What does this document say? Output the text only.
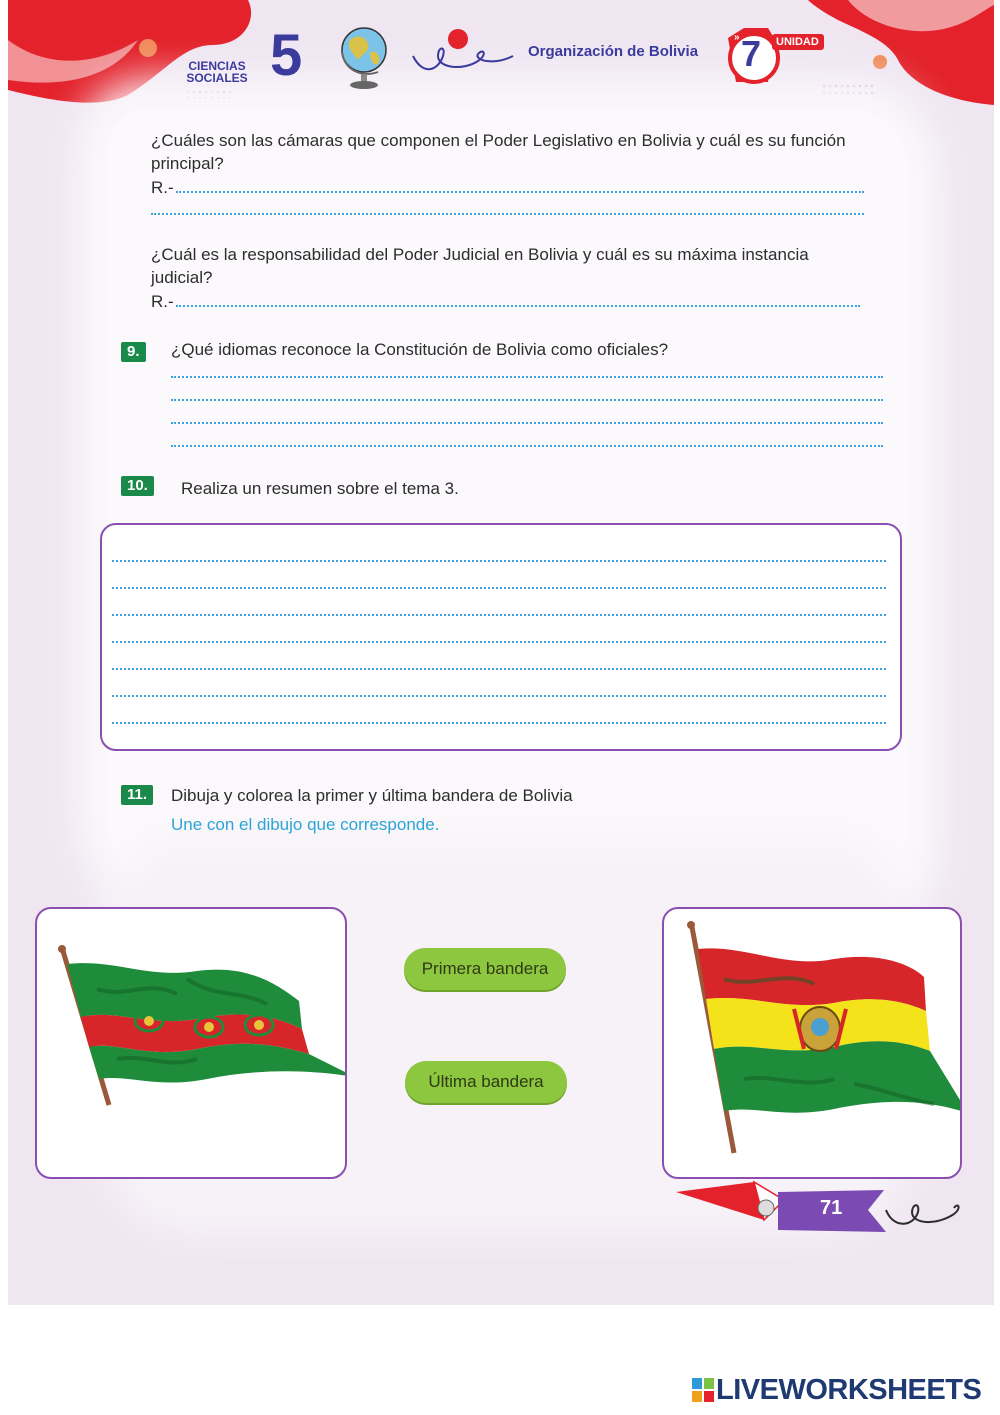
CIENCIAS
SOCIALES 5	Organización de Bolivia
»	UNIDAD
7
¿Cuáles son las cámaras que componen el Poder Legislativo en Bolivia y cuál es su función principal?
R.-
¿Cuál es la responsabilidad del Poder Judicial en Bolivia y cuál es su máxima instancia judicial?
R.-
9.	¿Qué idiomas reconoce la Constitución de Bolivia como oficiales?
10.	Realiza un resumen sobre el tema 3.
11.	Dibuja y colorea la primer y última bandera de Bolivia
Une con el dibujo que corresponde.
Primera bandera
Última bandera
71
LIVEWORKSHEETS
